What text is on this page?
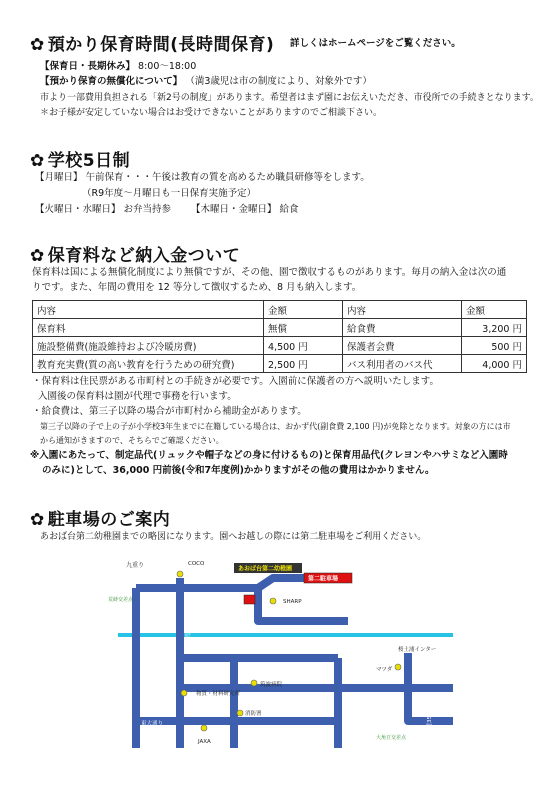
✿ 預かり保育時間(長時間保育) 詳しくはホームページをご覧ください。
【保育日・長期休み】 8:00〜18:00
【預かり保育の無償化について】 （満3歳児は市の制度により、対象外です）
市より一部費用負担される「新2号の制度」があります。希望者はまず園にお伝えいただき、市役所での手続きとなります。
＊お子様が安定していない場合はお受けできないことがありますのでご相談下さい。
✿ 学校5日制
【月曜日】 午前保育・・・午後は教育の質を高めるため職員研修等をします。
（R9年度〜月曜日も一日保育実施予定）
【火曜日・水曜日】 お弁当持参 【木曜日・金曜日】 給食
✿ 保育料など納入金ついて
保育料は国による無償化制度により無償ですが、その他、園で徴収するものがあります。毎月の納入金は次の通
りです。また、年間の費用を 12 等分して徴収するため、8 月も納入します。
内容	金額	内容	金額
保育料	無償	給食費	3,200 円
施設整備費(施設維持および冷暖房費)	4,500 円	保護者会費	500 円
教育充実費(質の高い教育を行うための研究費)	2,500 円	バス利用者のバス代	4,000 円
・保育料は住民票がある市町村との手続きが必要です。入園前に保護者の方へ説明いたします。
入園後の保育料は園が代理で事務を行います。
・給食費は、第三子以降の場合が市町村から補助金があります。
第三子以降の子で上の子が小学校3年生までに在籍している場合は、おかず代(副食費 2,100 円)が免除となります。対象の方には市
から通知がきますので、そちらでご確認ください。
※入園にあたって、制定品代(リュックや帽子などの身に付けるもの)と保育用品代(クレヨンやハサミなど入園時
のみに)として、36,000 円前後(令和7年度例)かかりますがその他の費用はかかりません。
✿ 駐車場のご案内
あおば台第二幼稚園までの略図になります。園へお越しの際には第二駐車場をご利用ください。
九重り	COCO
県道 荒川沖線
SHARP
荒蒔交差点
上荒野街道
桜土浦インター
国道354号
マツダ
物質・材料研究所
筑波病院
消防署
東大通り
JAXA
大角豆交差点
あおば台第二幼稚園
第二駐車場
